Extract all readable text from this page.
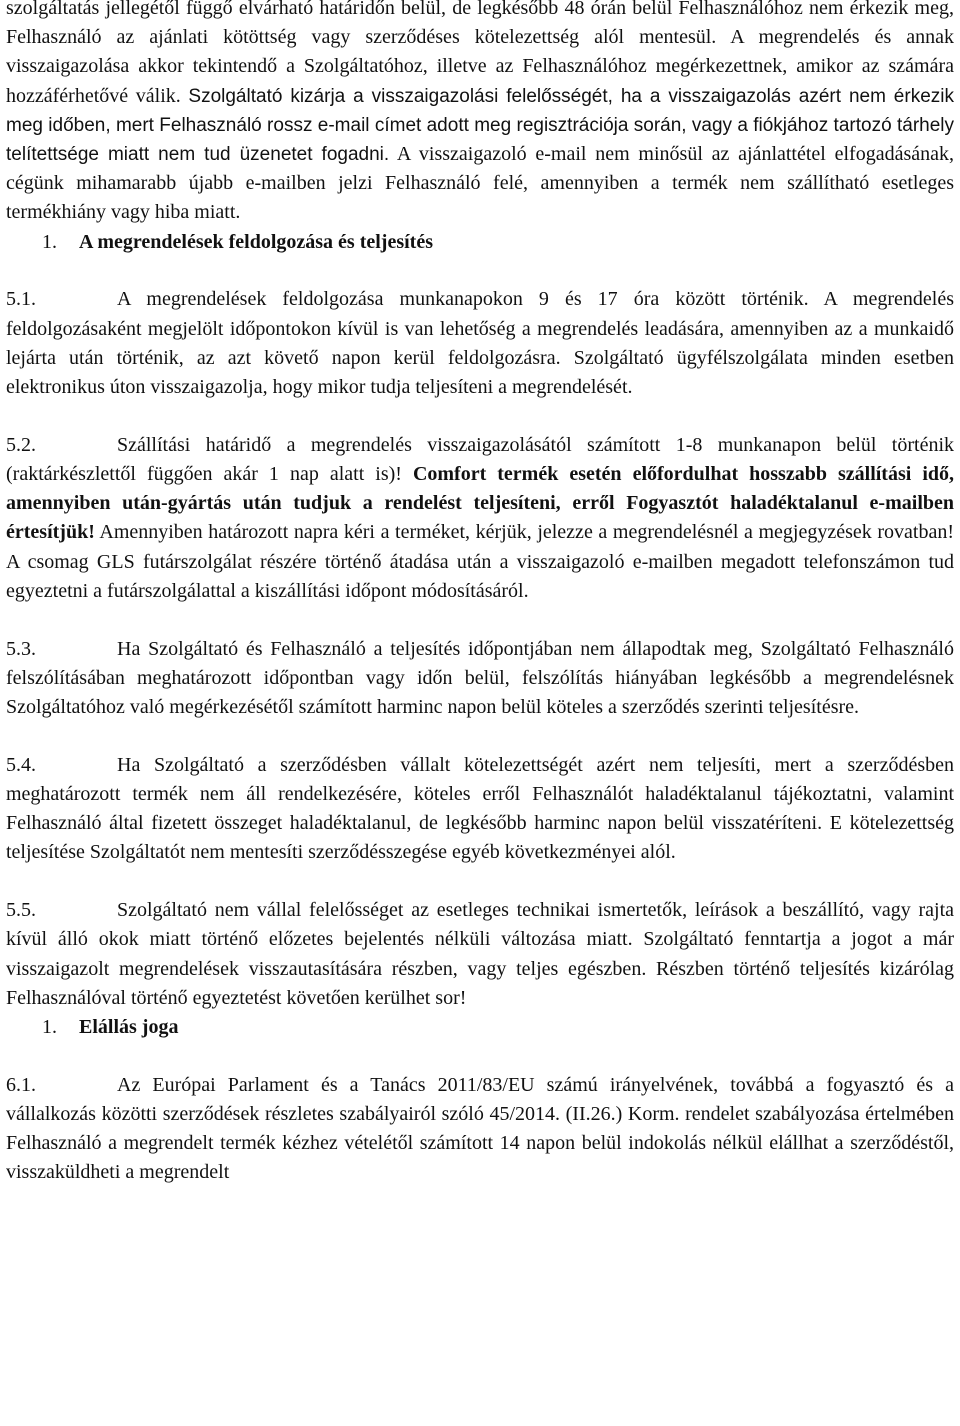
szolgáltatás jellegétől függő elvárható határidőn belül, de legkésőbb 48 órán belül Felhasználóhoz nem érkezik meg, Felhasználó az ajánlati kötöttség vagy szerződéses kötelezettség alól mentesül. A megrendelés és annak visszaigazolása akkor tekintendő a Szolgáltatóhoz, illetve az Felhasználóhoz megérkezettnek, amikor az számára hozzáférhetővé válik. Szolgáltató kizárja a visszaigazolási felelősségét, ha a visszaigazolás azért nem érkezik meg időben, mert Felhasználó rossz e-mail címet adott meg regisztrációja során, vagy a fiókjához tartozó tárhely telítettsége miatt nem tud üzenetet fogadni. A visszaigazoló e-mail nem minősül az ajánlattétel elfogadásának, cégünk mihamarabb újabb e-mailben jelzi Felhasználó felé, amennyiben a termék nem szállítható esetleges termékhiány vagy hiba miatt.

1. A megrendelések feldolgozása és teljesítés

5.1.	A megrendelések feldolgozása munkanapokon 9 és 17 óra között történik. A megrendelés feldolgozásaként megjelölt időpontokon kívül is van lehetőség a megrendelés leadására, amennyiben az a munkaidő lejárta után történik, az azt követő napon kerül feldolgozásra. Szolgáltató ügyfélszolgálata minden esetben elektronikus úton visszaigazolja, hogy mikor tudja teljesíteni a megrendelését.

5.2.	Szállítási határidő a megrendelés visszaigazolásától számított 1-8 munkanapon belül történik (raktárkészlettől függően akár 1 nap alatt is)! Comfort termék esetén előfordulhat hosszabb szállítási idő, amennyiben után-gyártás után tudjuk a rendelést teljesíteni, erről Fogyasztót haladéktalanul e-mailben értesítjük! Amennyiben határozott napra kéri a terméket, kérjük, jelezze a megrendelésnél a megjegyzések rovatban! A csomag GLS futárszolgálat részére történő átadása után a visszaigazoló e-mailben megadott telefonszámon tud egyeztetni a futárszolgálattal a kiszállítási időpont módosításáról.

5.3.	Ha Szolgáltató és Felhasználó a teljesítés időpontjában nem állapodtak meg, Szolgáltató Felhasználó felszólításában meghatározott időpontban vagy időn belül, felszólítás hiányában legkésőbb a megrendelésnek Szolgáltatóhoz való megérkezésétől számított harminc napon belül köteles a szerződés szerinti teljesítésre.

5.4.	Ha Szolgáltató a szerződésben vállalt kötelezettségét azért nem teljesíti, mert a szerződésben meghatározott termék nem áll rendelkezésére, köteles erről Felhasználót haladéktalanul tájékoztatni, valamint Felhasználó által fizetett összeget haladéktalanul, de legkésőbb harminc napon belül visszatéríteni. E kötelezettség teljesítése Szolgáltatót nem mentesíti szerződésszegése egyéb következményei alól.

5.5.	Szolgáltató nem vállal felelősséget az esetleges technikai ismertetők, leírások a beszállító, vagy rajta kívül álló okok miatt történő előzetes bejelentés nélküli változása miatt. Szolgáltató fenntartja a jogot a már visszaigazolt megrendelések visszautasítására részben, vagy teljes egészben. Részben történő teljesítés kizárólag Felhasználóval történő egyeztetést követően kerülhet sor!

1. Elállás joga

6.1.	Az Európai Parlament és a Tanács 2011/83/EU számú irányelvének, továbbá a fogyasztó és a vállalkozás közötti szerződések részletes szabályairól szóló 45/2014. (II.26.) Korm. rendelet szabályozása értelmében Felhasználó a megrendelt termék kézhez vételétől számított 14 napon belül indokolás nélkül elállhat a szerződéstől, visszaküldheti a megrendelt
